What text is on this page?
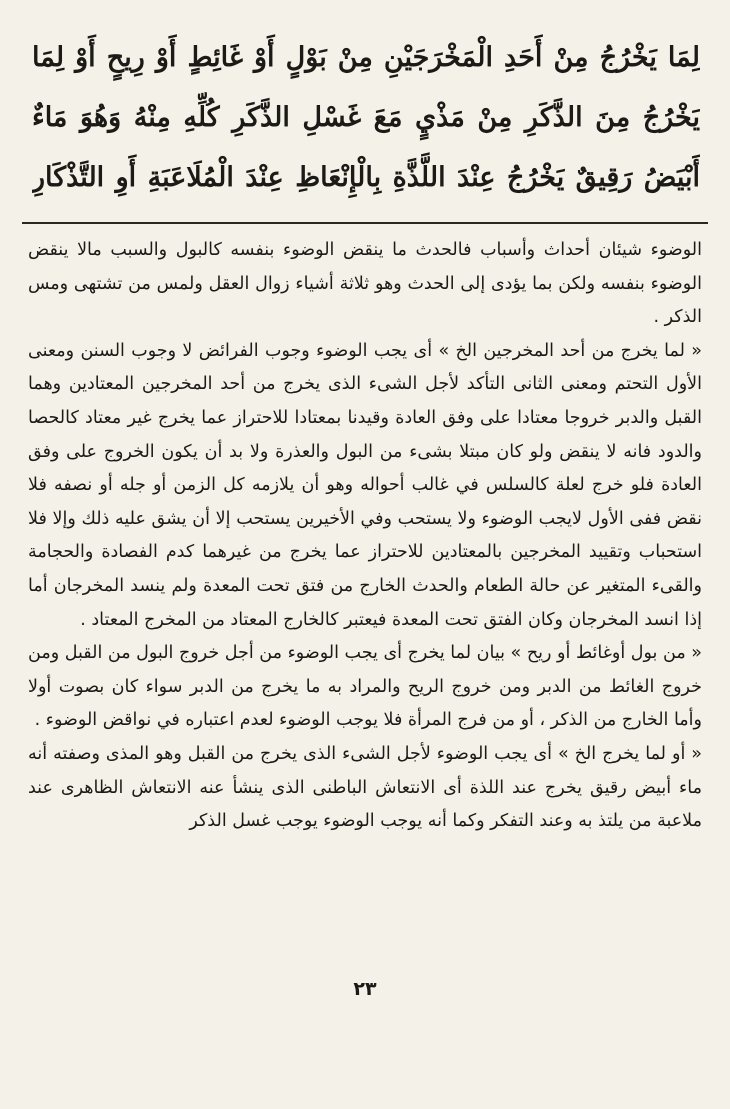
لِمَا يَخْرُجُ مِنْ أَحَدِ الْمَخْرَجَيْنِ مِنْ بَوْلٍ أَوْ غَائِطٍ أَوْ رِيحٍ أَوْ لِمَا يَخْرُجُ مِنَ الذَّكَرِ مِنْ مَذْيٍ مَعَ غَسْلِ الذَّكَرِ كُلِّهِ مِنْهُ وَهُوَ مَاءٌ أَبْيَضُ رَقِيقٌ يَخْرُجُ عِنْدَ اللَّذَّةِ بِالْإِنْعَاظِ عِنْدَ الْمُلَاعَبَةِ أَوِ التَّذْكَارِ

الوضوء شيئان أحداث وأسباب فالحدث ما ينقض الوضوء بنفسه كالبول والسبب مالا ينقض الوضوء بنفسه ولكن بما يؤدى إلى الحدث وهو ثلاثة أشياء زوال العقل ولمس من تشتهى ومس الذكر .

« لما يخرج من أحد المخرجين الخ » أى يجب الوضوء وجوب الفرائض لا وجوب السنن ومعنى الأول التحتم ومعنى الثانى التأكد لأجل الشىء الذى يخرج من أحد المخرجين المعتادين وهما القبل والدبر خروجا معتادا على وفق العادة وقيدنا بمعتادا للاحتراز عما يخرج غير معتاد كالحصا والدود فانه لا ينقض ولو كان مبتلا بشىء من البول والعذرة ولا بد أن يكون الخروج على وفق العادة فلو خرج لعلة كالسلس في غالب أحواله وهو أن يلازمه كل الزمن أو جله أو نصفه فلا نقض ففى الأول لايجب الوضوء ولا يستحب وفي الأخيرين يستحب إلا أن يشق عليه ذلك وإلا فلا استحباب وتقييد المخرجين بالمعتادين للاحتراز عما يخرج من غيرهما كدم الفصادة والحجامة والقىء المتغير عن حالة الطعام والحدث الخارج من فتق تحت المعدة ولم ينسد المخرجان أما إذا انسد المخرجان وكان الفتق تحت المعدة فيعتبر كالخارج المعتاد من المخرج المعتاد .

« من بول أوغائط أو ريح » بيان لما يخرج أى يجب الوضوء من أجل خروج البول من القبل ومن خروج الغائط من الدبر ومن خروج الريح والمراد به ما يخرج من الدبر سواء كان بصوت أولا وأما الخارج من الذكر ، أو من فرج المرأة فلا يوجب الوضوء لعدم اعتباره في نواقض الوضوء .

« أو لما يخرج الخ » أى يجب الوضوء لأجل الشىء الذى يخرج من القبل وهو المذى وصفته أنه ماء أبيض رقيق يخرج عند اللذة أى الانتعاش الباطنى الذى ينشأ عنه الانتعاش الظاهرى عند ملاعبة من يلتذ به وعند التفكر وكما أنه يوجب الوضوء يوجب غسل الذكر

٢٣
